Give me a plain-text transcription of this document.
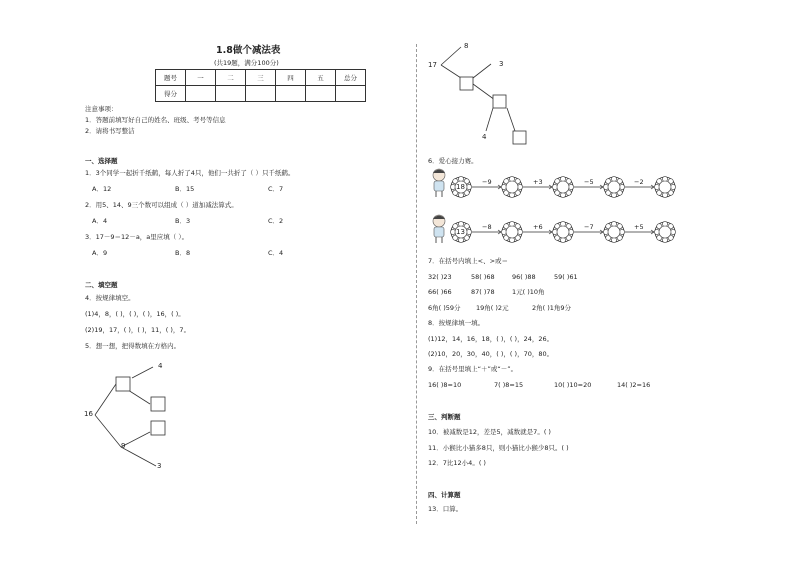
1.8做个减法表
(共19题，满分100分)
题号	一	二	三	四	五	总分
得分						
注意事项：
1．答题前填写好自己的姓名、班级、考号等信息
2．请将书写整洁
一、选择题
1．3个同学一起折千纸鹤，每人折了4只，他们一共折了（ ）只千纸鹤。
A．12	B．15	C．7
2．用5、14、9三个数可以组成（ ）道加减法算式。
A．4	B．3	C．2
3．17－9＝12－a，a里应填（ ）。
A．9	B．8	C．4
二、填空题
4．按规律填空。
(1)4，8，( )，( )，( )，16，( )。
(2)19，17，( )，( )，11，( )，7。
5．想一想，把得数填在方格内。
16
4
9
3
17
8
3
4
6．爱心接力赛。
18
13
−9	+3	−5	−2
−8	+6	−7	+5
7．在括号内填上<、>或＝
32( )23	58( )68	96( )88	59( )61
66( )66	87( )78	1元( )10角
6角( )59分 19角( )2元	2角( )1角9分
8．按规律填一填。
(1)12，14，16，18，( )，( )，24，26。
(2)10，20，30，40，( )，( )，70，80。
9．在括号里填上“＋”或“－”。
16( )8=10	7( )8=15	10( )10=20	14( )2=16
三、判断题
10．被减数是12，差是5，减数就是7。( )
11．小猴比小猫多8只，则小猫比小猴少8只。( )
12．7比12小4。( )
四、计算题
13．口算。
